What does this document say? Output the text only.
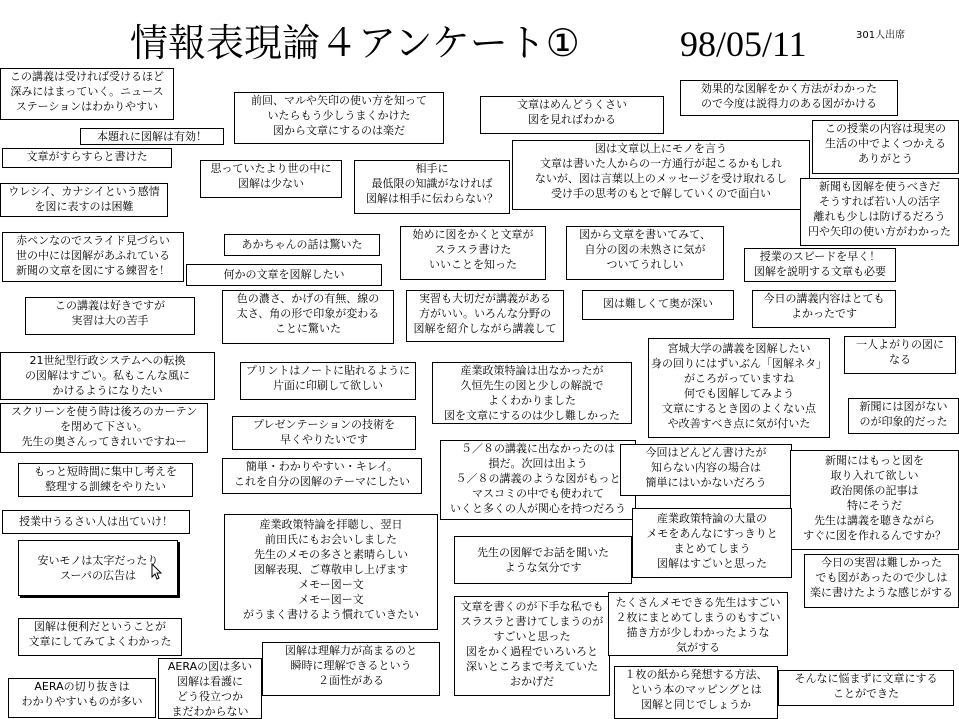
情報表現論４アンケート①	98/05/11	301人出席
この講義は受ければ受けるほど
深みにはまっていく。ニュース
ステーションはわかりやすい
本題れに図解は有効！
文章がすらすらと書けた
ウレシイ、カナシイという感情
を図に表すのは困難
赤ペンなのでスライド見づらい
世の中には図解があふれている
新聞の文章を図にする練習を！
この講義は好きですが
実習は大の苦手
21世紀型行政システムへの転換
の図解はすごい。私もこんな風に
かけるようになりたい
スクリーンを使う時は後ろのカーテン
を閉めて下さい。
先生の奥さんってきれいですねー
もっと短時間に集中し考えを
整理する訓練をやりたい
授業中うるさい人は出ていけ！
安いモノは太字だったり
スーパの広告は
図解は便利だということが
文章にしてみてよくわかった
AERAの切り抜きは
わかりやすいものが多い
前回、マルや矢印の使い方を知って
いたらもう少しうまくかけた
図から文章にするのは楽だ
思っていたより世の中に
図解は少ない
相手に
最低限の知識がなければ
図解は相手に伝わらない？
あかちゃんの話は驚いた
何かの文章を図解したい
色の濃さ、かげの有無、線の
太さ、角の形で印象が変わる
ことに驚いた
プリントはノートに貼れるように
片面に印刷して欲しい
プレゼンテーションの技術を
早くやりたいです
簡単・わかりやすい・キレイ。
これを自分の図解のテーマにしたい
産業政策特論を拝聴し、翌日
前田氏にもお会いしました
先生のメモの多さと素晴らしい
図解表現、ご尊敬申し上げます
メモー図ー文
メモー図ー文
がうまく書けるよう慣れていきたい
図解は理解力が高まるのと
瞬時に理解できるという
２面性がある
AERAの図は多い
図解は看護に
どう役立つか
まだわからない
文章はめんどうくさい
図を見ればわかる
図は文章以上にモノを言う
文章は書いた人からの一方通行が起こるかもしれ
ないが、図は言葉以上のメッセージを受け取れるし
受け手の思考のもとで解していくので面白い
始めに図をかくと文章が
スラスラ書けた
いいことを知った
図から文章を書いてみて、
自分の図の未熟さに気が
ついてうれしい
実習も大切だが講義がある
方がいい。いろんな分野の
図解を紹介しながら講義して
図は難しくて奥が深い
産業政策特論は出なかったが
久恒先生の図と少しの解説で
よくわかりました
図を文章にするのは少し難しかった
５／８の講義に出なかったのは
損だ。次回は出よう
５／８の講義のような図がもっと
マスコミの中でも使われて
いくと多くの人が関心を持つだろう
先生の図解でお話を聞いた
ような気分です
文章を書くのが下手な私でも
スラスラと書けてしまうのが
すごいと思った
図をかく過程でいろいろと
深いところまで考えていた
おかげだ
効果的な図解をかく方法がわかった
ので今度は説得力のある図がかける
この授業の内容は現実の
生活の中でよくつかえる
ありがとう
新聞も図解を使うべきだ
そうすれば若い人の活字
離れも少しは防げるだろう
円や矢印の使い方がわかった
授業のスピードを早く！
図解を説明する文章も必要
今日の講義内容はとても
よかったです
宮城大学の講義を図解したい
身の回りにはずいぶん「図解ネタ」
がころがっていますね
何でも図解してみよう
文章にするとき図のよくない点
や改善すべき点に気が付いた
一人よがりの図に
なる
新聞には図がない
のが印象的だった
今回はどんどん書けたが
知らない内容の場合は
簡単にはいかないだろう
新聞にはもっと図を
取り入れて欲しい
政治関係の記事は
特にそうだ
先生は講義を聴きながら
すぐに図を作れるんですか？
産業政策特論の大量の
メモをあんなにすっきりと
まとめてしまう
図解はすごいと思った	今日の実習は難しかった
でも図があったので少しは
楽に書けたような感じがする
たくさんメモできる先生はすごい
２枚にまとめてしまうのもすごい
描き方が少しわかったような
気がする
１枚の紙から発想する方法、
という本のマッピングとは
図解と同じでしょうか
そんなに悩まずに文章にする
ことができた
